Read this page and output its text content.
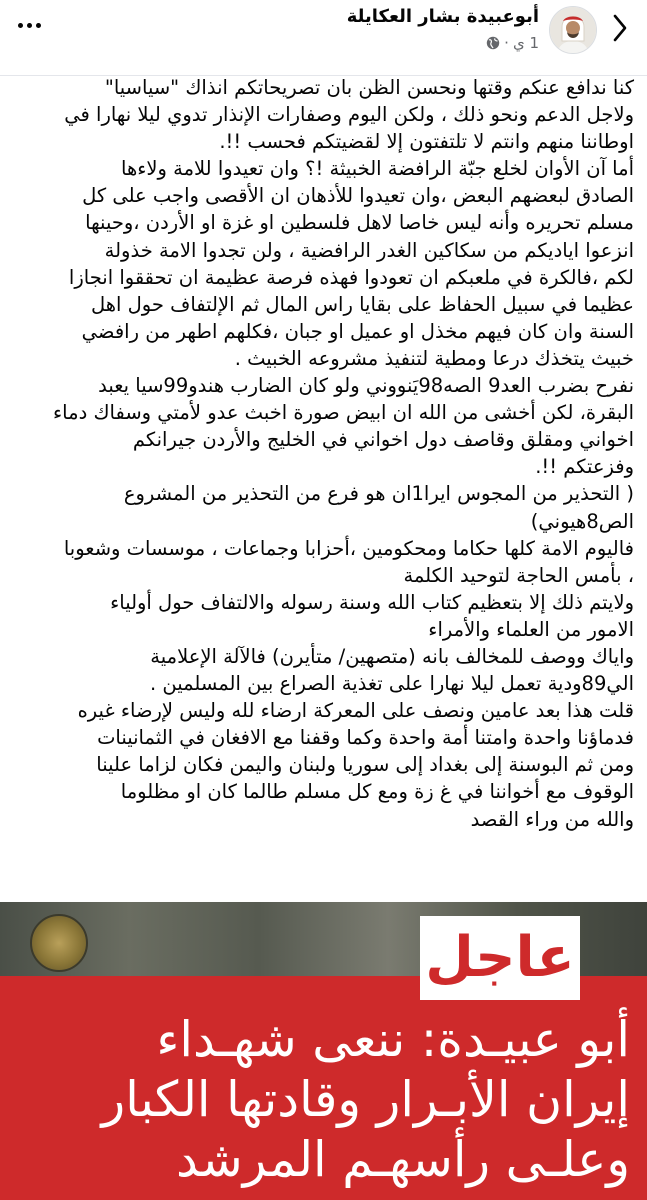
أبوعبيدة بشار العكايلة
1 ي
·

كنا ندافع عنكم وقتها ونحسن الظن بان تصريحاتكم انذاك "سياسيا"

ولاجل الدعم ونحو ذلك ، ولكن اليوم وصفارات الإنذار تدوي ليلا نهارا في

اوطاننا منهم وانتم لا تلتفتون إلا لقضيتكم فحسب !!.

أما آن الأوان لخلع جبّة الرافضة الخبيثة !؟ وان تعيدوا للامة ولاءها

الصادق لبعضهم البعض ،وان تعيدوا للأذهان ان الأقصى واجب على كل

مسلم تحريره وأنه ليس خاصا لاهل فلسطين او غزة او الأردن ،وحينها

انزعوا اياديكم من سكاكين الغدر الرافضية ، ولن تجدوا الامة خذولة

لكم ،فالكرة في ملعبكم ان تعودوا فهذه فرصة عظيمة ان تحققوا انجازا

عظيما في سبيل الحفاظ على بقايا راس المال ثم الإلتفاف حول اهل

السنة وان كان فيهم مخذل او عميل او جبان ،فكلهم اطهر من رافضي

خبيث يتخذك درعا ومطية لتنفيذ مشروعه الخبيث .

نفرح بضرب العد9 الصه98يَنووني ولو كان الضارب هندو99سيا يعبد

البقرة، لكن أخشى من الله ان ابيض صورة اخبث عدو لأمتي وسفاك دماء

اخواني ومقلق وقاصف دول اخواني في الخليج والأردن جيرانكم

وفزعتكم !!.

( التحذير من المجوس ايرا1ان هو فرع من التحذير من المشروع

الص8هيوني)

فاليوم الامة كلها حكاما ومحكومين ،أحزابا وجماعات ، موسسات وشعوبا

، بأمس الحاجة لتوحيد الكلمة

ولايتم ذلك إلا بتعظيم كتاب الله وسنة رسوله والالتفاف حول أولياء

الامور من العلماء والأمراء

واياك ووصف للمخالف بانه (متصهين/ متأيرن) فالآلة الإعلامية

الي89ودية تعمل ليلا نهارا على تغذية الصراع بين المسلمين .

قلت هذا بعد عامين ونصف على المعركة ارضاء لله وليس لإرضاء غيره

فدماؤنا واحدة وامتنا أمة واحدة وكما وقفنا مع الافغان في الثمانينات

ومن ثم البوسنة إلى بغداد إلى سوريا ولبنان واليمن فكان لزاما علينا

الوقوف مع أخواننا في غ زة ومع كل مسلم طالما كان او مظلوما

والله من وراء القصد

عاجل
أبو عبيـدة: ننعى شهـداء
إيران الأبـرار وقادتها الكبار
وعلـى رأسهـم المرشد
